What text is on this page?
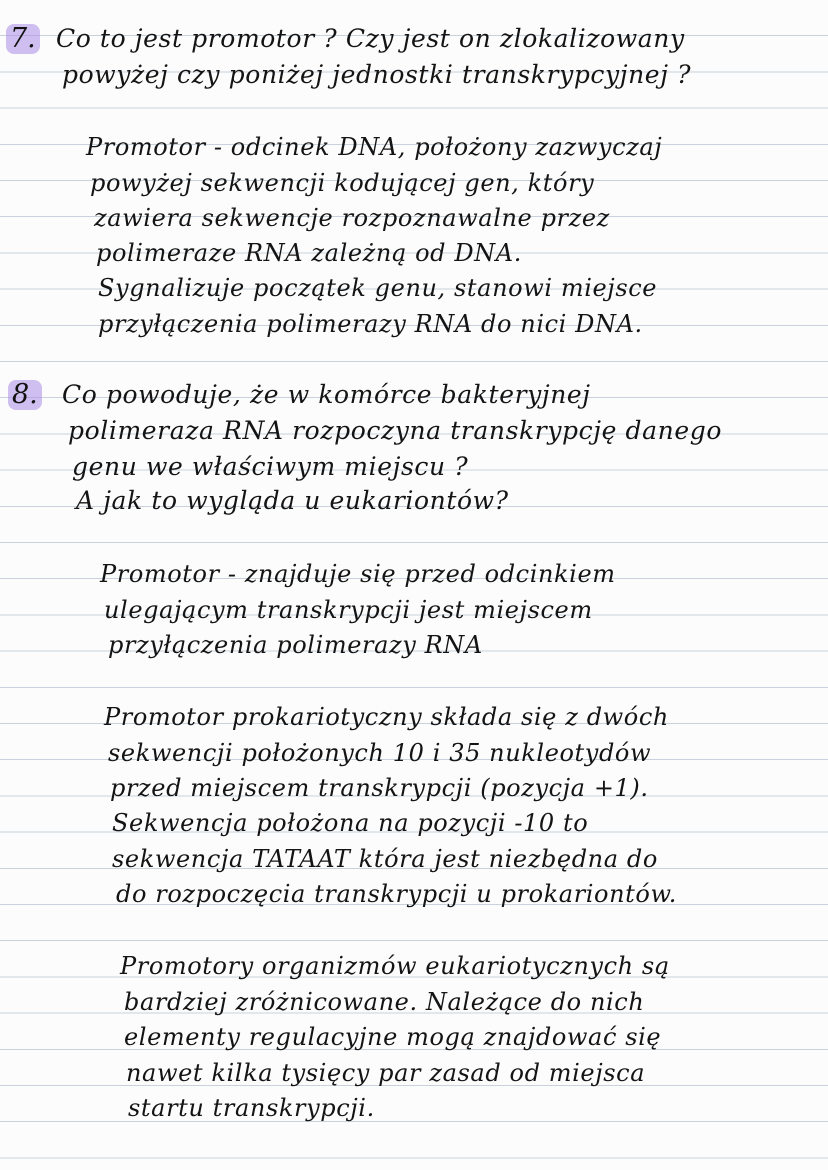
7. Co to jest promotor ? Czy jest on zlokalizowany
powyżej czy poniżej jednostki transkrypcyjnej ?
Promotor - odcinek DNA, położony zazwyczaj
powyżej sekwencji kodującej gen, który
zawiera sekwencje rozpoznawalne przez
polimeraze RNA zależną od DNA.
Sygnalizuje początek genu, stanowi miejsce
przyłączenia polimerazy RNA do nici DNA.
8. Co powoduje, że w komórce bakteryjnej
polimeraza RNA rozpoczyna transkrypcję danego
genu we właściwym miejscu ?
A jak to wygląda u eukariontów?
Promotor - znajduje się przed odcinkiem
ulegającym transkrypcji jest miejscem
przyłączenia polimerazy RNA
Promotor prokariotyczny składa się z dwóch
sekwencji położonych 10 i 35 nukleotydów
przed miejscem transkrypcji (pozycja +1).
Sekwencja położona na pozycji -10 to
sekwencja TATAAT która jest niezbędna do
do rozpoczęcia transkrypcji u prokariontów.
Promotory organizmów eukariotycznych są
bardziej zróżnicowane. Należące do nich
elementy regulacyjne mogą znajdować się
nawet kilka tysięcy par zasad od miejsca
startu transkrypcji.
